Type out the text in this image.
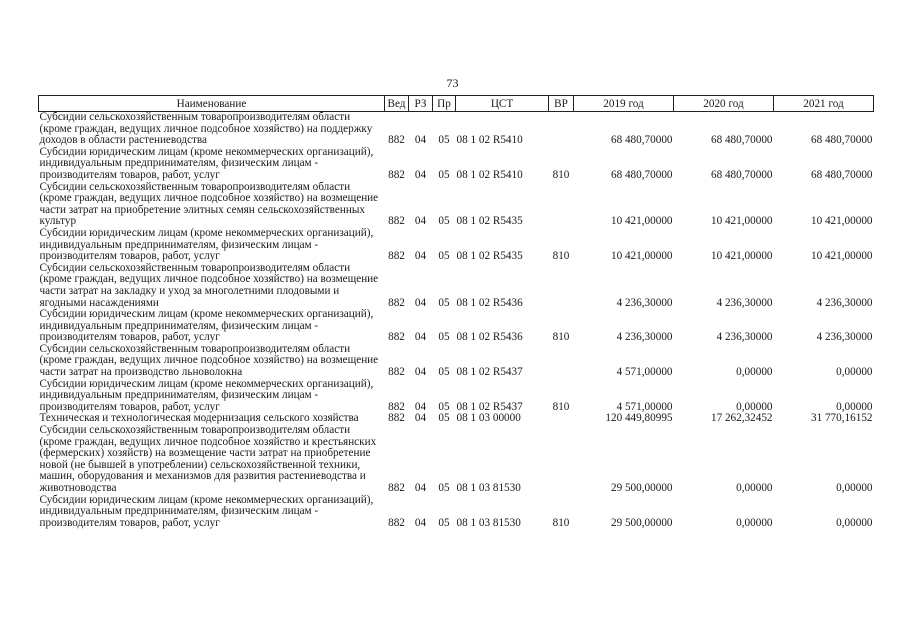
73
Наименование	Вед	РЗ	Пр	ЦСТ	ВР	2019 год	2020 год	2021 год
Субсидии сельскохозяйственным товаропроизводителям области (кроме граждан, ведущих личное подсобное хозяйство) на поддержку доходов в области растениеводства	882	04	05	08 1 02 R5410		68 480,70000	68 480,70000	68 480,70000
Субсидии юридическим лицам (кроме некоммерческих организаций), индивидуальным предпринимателям, физическим лицам - производителям товаров, работ, услуг	882	04	05	08 1 02 R5410	810	68 480,70000	68 480,70000	68 480,70000
Субсидии сельскохозяйственным товаропроизводителям области (кроме граждан, ведущих личное подсобное хозяйство) на возмещение части затрат на приобретение элитных семян сельскохозяйственных культур	882	04	05	08 1 02 R5435		10 421,00000	10 421,00000	10 421,00000
Субсидии юридическим лицам (кроме некоммерческих организаций), индивидуальным предпринимателям, физическим лицам - производителям товаров, работ, услуг	882	04	05	08 1 02 R5435	810	10 421,00000	10 421,00000	10 421,00000
Субсидии сельскохозяйственным товаропроизводителям области (кроме граждан, ведущих личное подсобное хозяйство) на возмещение части затрат на закладку и уход за многолетними плодовыми и ягодными насаждениями	882	04	05	08 1 02 R5436		4 236,30000	4 236,30000	4 236,30000
Субсидии юридическим лицам (кроме некоммерческих организаций), индивидуальным предпринимателям, физическим лицам - производителям товаров, работ, услуг	882	04	05	08 1 02 R5436	810	4 236,30000	4 236,30000	4 236,30000
Субсидии сельскохозяйственным товаропроизводителям области (кроме граждан, ведущих личное подсобное хозяйство) на возмещение части затрат на производство льноволокна	882	04	05	08 1 02 R5437		4 571,00000	0,00000	0,00000
Субсидии юридическим лицам (кроме некоммерческих организаций), индивидуальным предпринимателям, физическим лицам - производителям товаров, работ, услуг	882	04	05	08 1 02 R5437	810	4 571,00000	0,00000	0,00000
Техническая и технологическая модернизация сельского хозяйства	882	04	05	08 1 03 00000		120 449,80995	17 262,32452	31 770,16152
Субсидии сельскохозяйственным товаропроизводителям области (кроме граждан, ведущих личное подсобное хозяйство и крестьянских (фермерских) хозяйств) на возмещение части затрат на приобретение новой (не бывшей в употреблении) сельскохозяйственной техники, машин, оборудования и механизмов для развития растениеводства и животноводства	882	04	05	08 1 03 81530		29 500,00000	0,00000	0,00000
Субсидии юридическим лицам (кроме некоммерческих организаций), индивидуальным предпринимателям, физическим лицам - производителям товаров, работ, услуг	882	04	05	08 1 03 81530	810	29 500,00000	0,00000	0,00000
